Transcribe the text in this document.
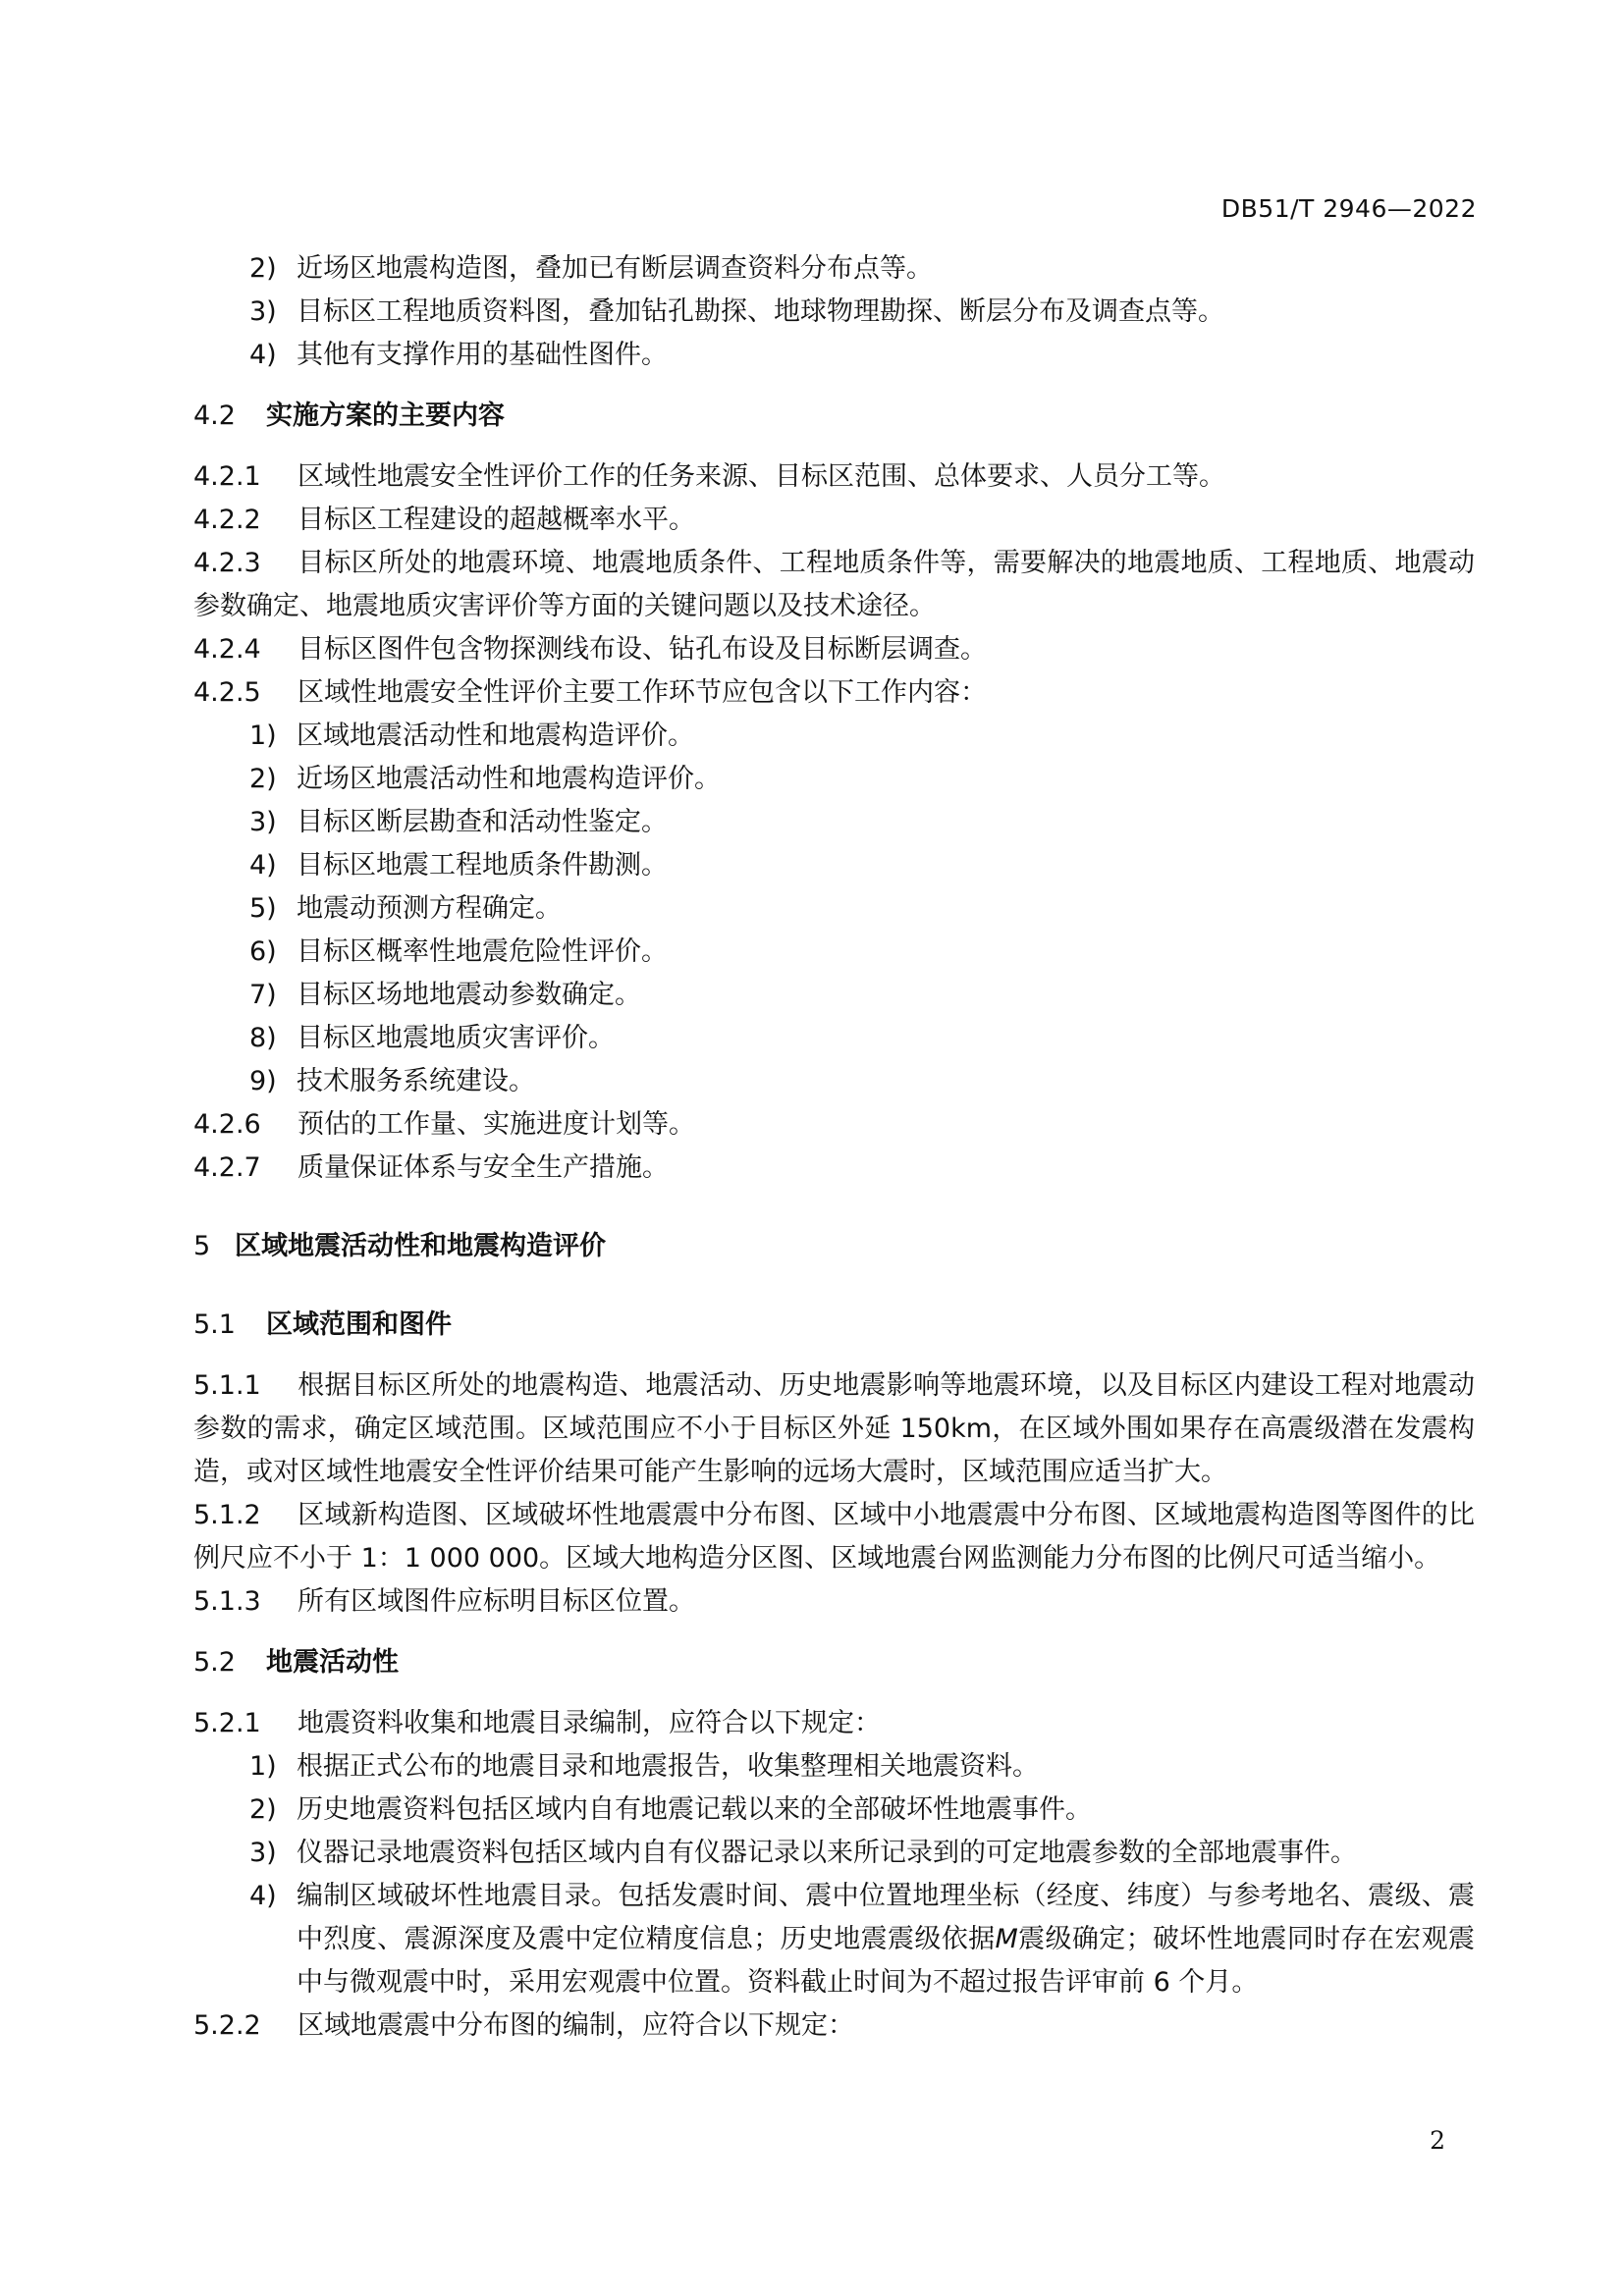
DB51/T 2946—2022
2) 近场区地震构造图，叠加已有断层调查资料分布点等。
3) 目标区工程地质资料图，叠加钻孔勘探、地球物理勘探、断层分布及调查点等。
4) 其他有支撑作用的基础性图件。
4.2	实施方案的主要内容
4.2.1	区域性地震安全性评价工作的任务来源、目标区范围、总体要求、人员分工等。
4.2.2	目标区工程建设的超越概率水平。
4.2.3 目标区所处的地震环境、地震地质条件、工程地质条件等，需要解决的地震地质、工程地质、地震动参数确定、地震地质灾害评价等方面的关键问题以及技术途径。
4.2.4	目标区图件包含物探测线布设、钻孔布设及目标断层调查。
4.2.5	区域性地震安全性评价主要工作环节应包含以下工作内容：
1) 区域地震活动性和地震构造评价。
2) 近场区地震活动性和地震构造评价。
3) 目标区断层勘查和活动性鉴定。
4) 目标区地震工程地质条件勘测。
5) 地震动预测方程确定。
6) 目标区概率性地震危险性评价。
7) 目标区场地地震动参数确定。
8) 目标区地震地质灾害评价。
9) 技术服务系统建设。
4.2.6	预估的工作量、实施进度计划等。
4.2.7	质量保证体系与安全生产措施。
5 区域地震活动性和地震构造评价
5.1	区域范围和图件
5.1.1 根据目标区所处的地震构造、地震活动、历史地震影响等地震环境，以及目标区内建设工程对地震动参数的需求，确定区域范围。区域范围应不小于目标区外延 150km，在区域外围如果存在高震级潜在发震构造，或对区域性地震安全性评价结果可能产生影响的远场大震时，区域范围应适当扩大。
5.1.2 区域新构造图、区域破坏性地震震中分布图、区域中小地震震中分布图、区域地震构造图等图件的比例尺应不小于 1：1 000 000。区域大地构造分区图、区域地震台网监测能力分布图的比例尺可适当缩小。
5.1.3	所有区域图件应标明目标区位置。
5.2	地震活动性
5.2.1	地震资料收集和地震目录编制，应符合以下规定：
1) 根据正式公布的地震目录和地震报告，收集整理相关地震资料。
2) 历史地震资料包括区域内自有地震记载以来的全部破坏性地震事件。
3) 仪器记录地震资料包括区域内自有仪器记录以来所记录到的可定地震参数的全部地震事件。
4) 编制区域破坏性地震目录。包括发震时间、震中位置地理坐标（经度、纬度）与参考地名、震级、震中烈度、震源深度及震中定位精度信息；历史地震震级依据M震级确定；破坏性地震同时存在宏观震中与微观震中时，采用宏观震中位置。资料截止时间为不超过报告评审前 6 个月。
5.2.2	区域地震震中分布图的编制，应符合以下规定：
2
